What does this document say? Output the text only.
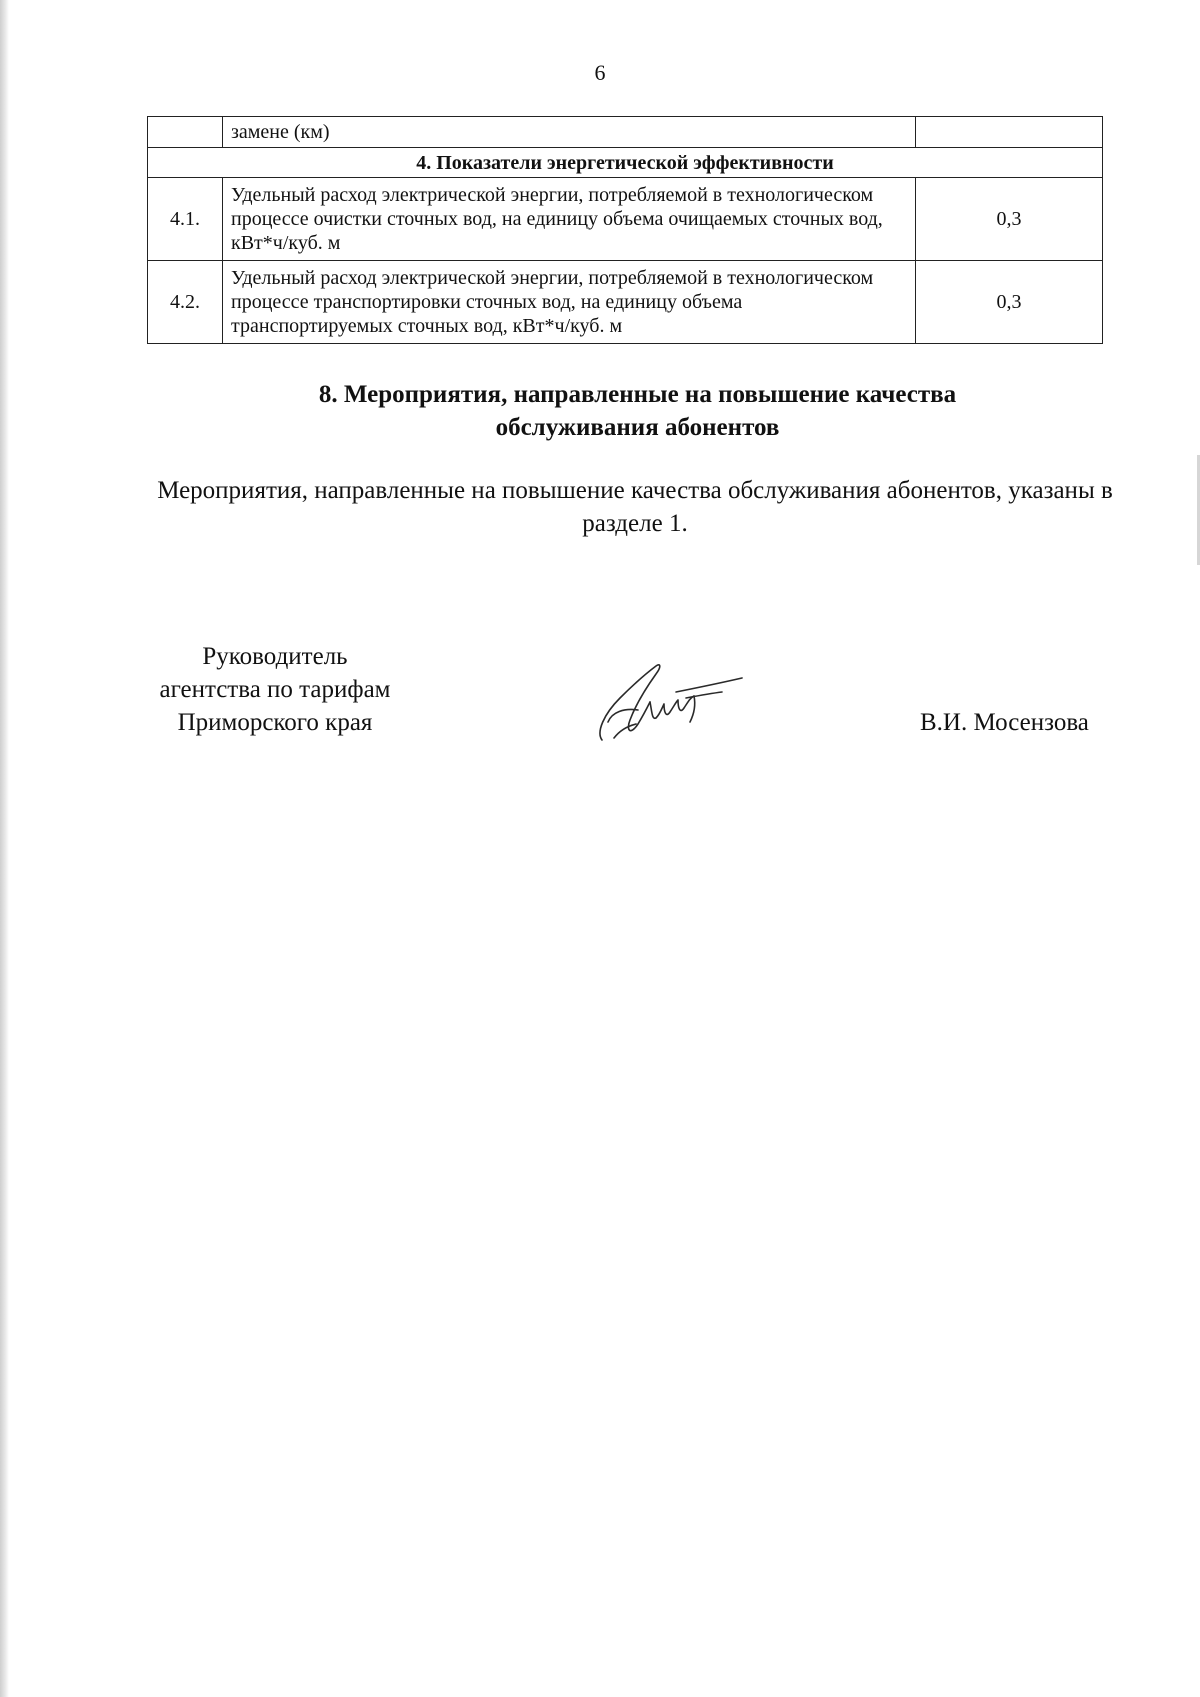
6
	замене (км)	
4. Показатели энергетической эффективности		
4.1.	Удельный расход электрической энергии, потребляемой в технологическом процессе очистки сточных вод, на единицу объема очищаемых сточных вод, кВт*ч/куб. м	0,3
4.2.	Удельный расход электрической энергии, потребляемой в технологическом процессе транспортировки сточных вод, на единицу объема транспортируемых сточных вод, кВт*ч/куб. м	0,3
8. Мероприятия, направленные на повышение качества
обслуживания абонентов
Мероприятия, направленные на повышение качества обслуживания абонентов, указаны в разделе 1.
Руководитель
агентства по тарифам
Приморского края	В.И. Мосензова
